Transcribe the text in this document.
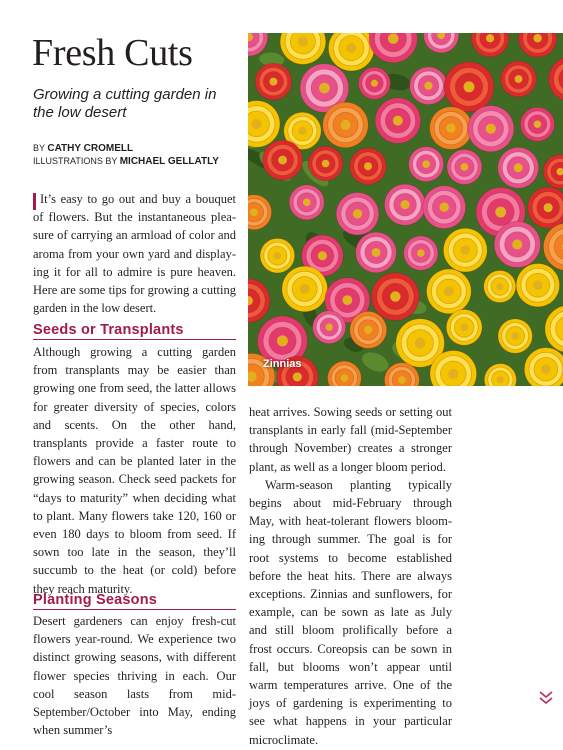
Fresh Cuts

Growing a cutting garden in the low desert

BY CATHY CROMELL
ILLUSTRATIONS BY MICHAEL GELLATLY

It’s easy to go out and buy a bouquet of flowers. But the instantaneous pleasure of carrying an armload of color and aroma from your own yard and displaying it for all to admire is pure heaven. Here are some tips for growing a cutting garden in the low desert.

Seeds or Transplants

Although growing a cutting garden from transplants may be easier than growing one from seed, the latter allows for greater diversity of species, colors and scents. On the other hand, transplants provide a faster route to flowers and can be planted later in the growing season. Check seed packets for “days to maturity” when deciding what to plant. Many flowers take 120, 160 or even 180 days to bloom from seed. If sown too late in the season, they’ll succumb to the heat (or cold) before they reach maturity.

Planting Seasons

Desert gardeners can enjoy fresh-cut flowers year-round. We experience two distinct growing seasons, with different flower species thriving in each. Our cool season lasts from mid-September/October into May, ending when summer’s

Zinnias

heat arrives. Sowing seeds or setting out transplants in early fall (mid-September through November) creates a stronger plant, as well as a longer bloom period.

Warm-season planting typically begins about mid-February through May, with heat-tolerant flowers blooming through summer. The goal is for root systems to become established before the heat hits. There are always exceptions. Zinnias and sunflowers, for example, can be sown as late as July and still bloom prolifically before a frost occurs. Coreopsis can be sown in fall, but blooms won’t appear until warm temperatures arrive. One of the joys of gardening is experimenting to see what happens in your particular microclimate.
